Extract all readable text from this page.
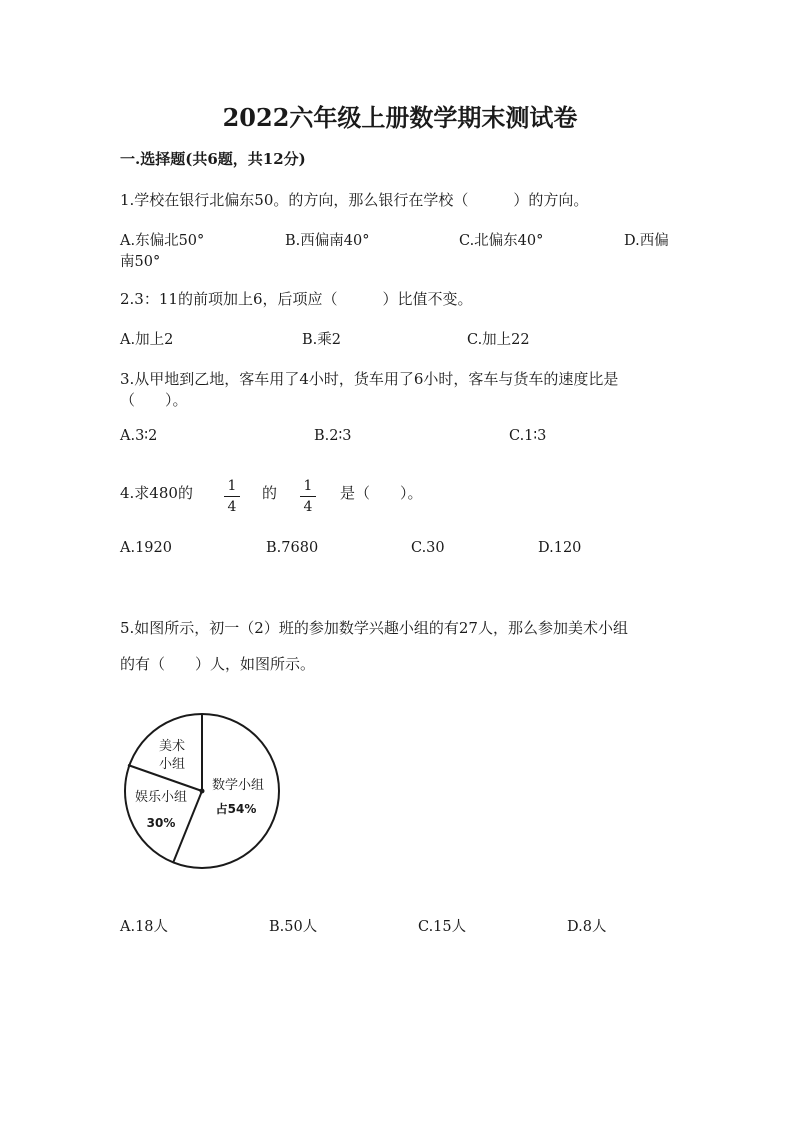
2022六年级上册数学期末测试卷
一.选择题(共6题，共12分)
1.学校在银行北偏东50。的方向，那么银行在学校（　　　）的方向。
A.东偏北50°	B.西偏南40°	C.北偏东40°	D.西偏
南50°
2.3：11的前项加上6，后项应（　　　）比值不变。
A.加上2	B.乘2	C.加上22
3.从甲地到乙地，客车用了4小时，货车用了6小时，客车与货车的速度比是
（　　）。
A.3∶2	B.2∶3	C.1∶3
4.求480的	1
4
的	1
4
是（　　）。
A.1920	B.7680	C.30	D.120
5.如图所示，初一（2）班的参加数学兴趣小组的有27人，那么参加美术小组
的有（　　）人，如图所示。
美术
小组
娱乐小组
30%
数学小组
占54%
A.18人	B.50人	C.15人	D.8人
